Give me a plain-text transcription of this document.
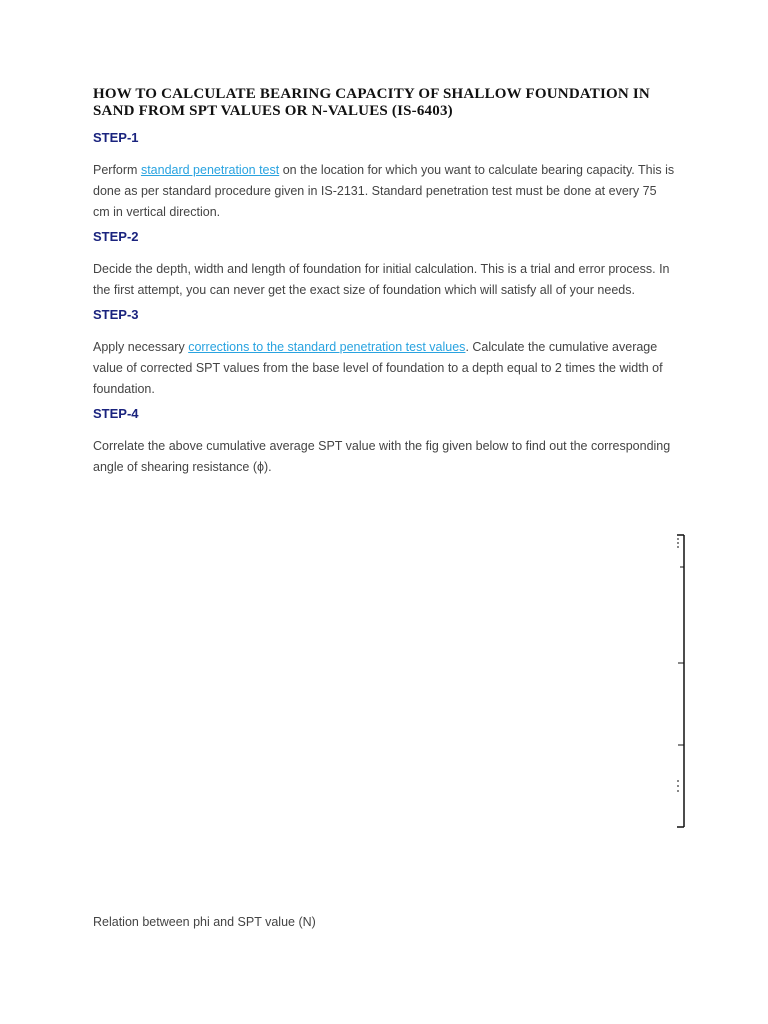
HOW TO CALCULATE BEARING CAPACITY OF SHALLOW FOUNDATION IN SAND FROM SPT VALUES OR N-VALUES (IS-6403)
STEP-1

Perform standard penetration test on the location for which you want to calculate bearing capacity. This is done as per standard procedure given in IS-2131. Standard penetration test must be done at every 75 cm in vertical direction.

STEP-2

Decide the depth, width and length of foundation for initial calculation. This is a trial and error process. In the first attempt, you can never get the exact size of foundation which will satisfy all of your needs.

STEP-3

Apply necessary corrections to the standard penetration test values. Calculate the cumulative average value of corrected SPT values from the base level of foundation to a depth equal to 2 times the width of foundation.

STEP-4

Correlate the above cumulative average SPT value with the fig given below to find out the corresponding angle of shearing resistance (ϕ).

Relation between phi and SPT value (N)
